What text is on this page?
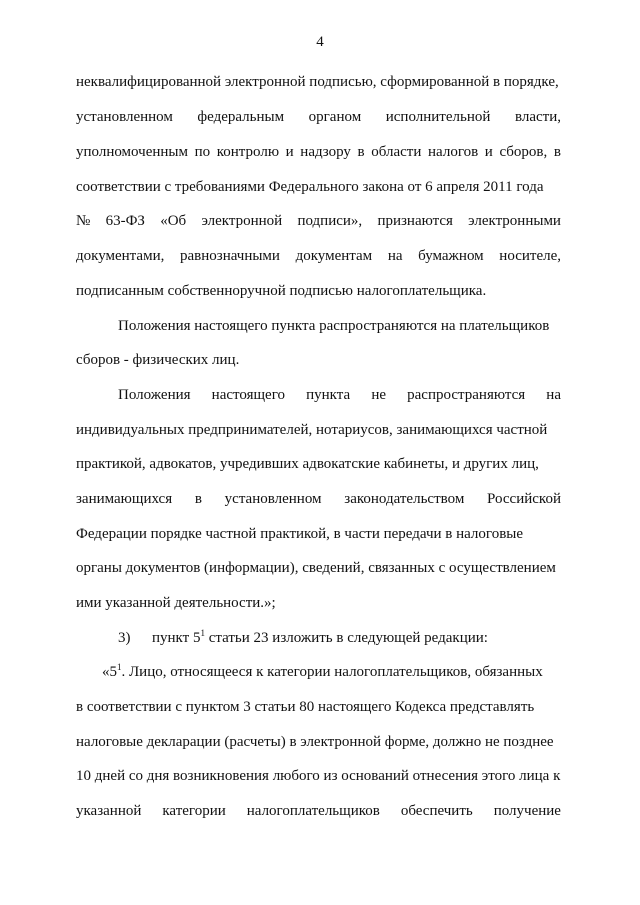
4
неквалифицированной электронной подписью, сформированной в порядке,
установленном федеральным органом исполнительной власти,
уполномоченным по контролю и надзору в области налогов и сборов, в
соответствии с требованиями Федерального закона от 6 апреля 2011 года
№ 63-ФЗ «Об электронной подписи», признаются электронными
документами, равнозначными документам на бумажном носителе,
подписанным собственноручной подписью налогоплательщика.
Положения настоящего пункта распространяются на плательщиков
сборов - физических лиц.
Положения настоящего пункта не распространяются на
индивидуальных предпринимателей, нотариусов, занимающихся частной
практикой, адвокатов, учредивших адвокатские кабинеты, и других лиц,
занимающихся в установленном законодательством Российской
Федерации порядке частной практикой, в части передачи в налоговые
органы документов (информации), сведений, связанных с осуществлением
ими указанной деятельности.»;
3) пункт $5^1$ статьи 23 изложить в следующей редакции:
«$5^1$. Лицо, относящееся к категории налогоплательщиков, обязанных
в соответствии с пунктом 3 статьи 80 настоящего Кодекса представлять
налоговые декларации (расчеты) в электронной форме, должно не позднее
10 дней со дня возникновения любого из оснований отнесения этого лица к
указанной категории налогоплательщиков обеспечить получение
